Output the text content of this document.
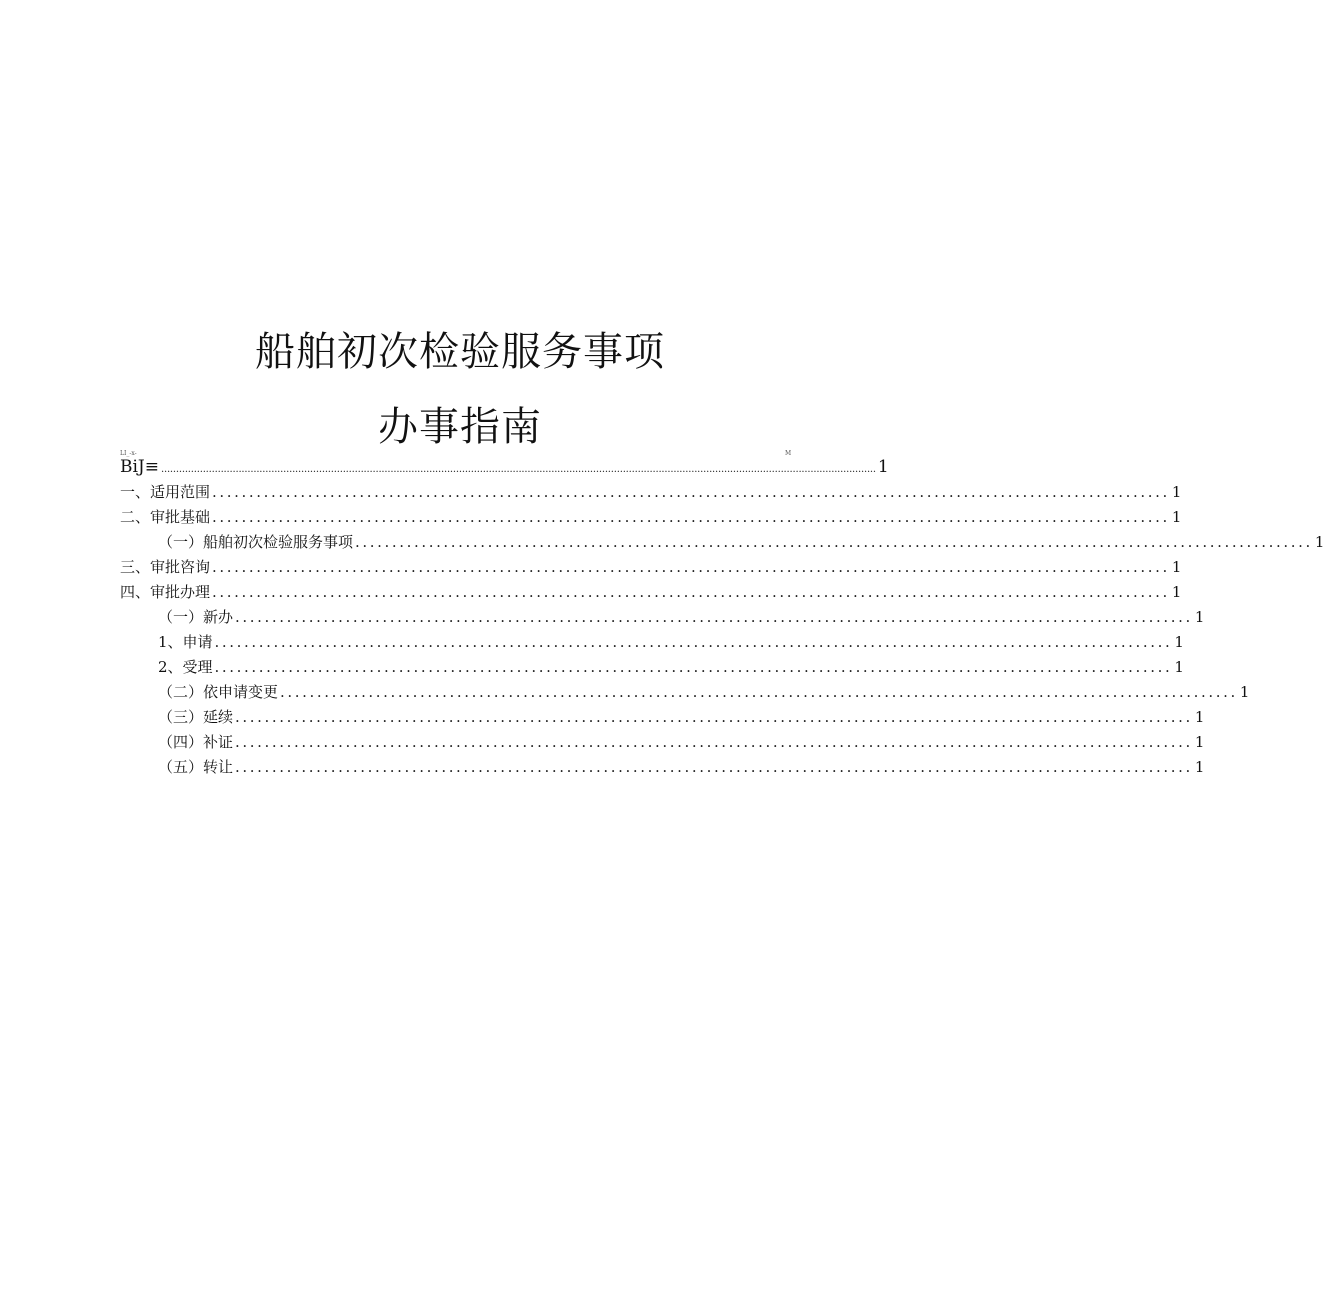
船舶初次检验服务事项
办事指南
LI_-x-	M
BiJ≡ ................................................................................................................................................................................................................................................ 1
一、适用范围 .................................................................................................................................. 1
二、审批基础 .................................................................................................................................. 1
（一）船舶初次检验服务事项 .................................................................................................................................. 1
三、审批咨询 .................................................................................................................................. 1
四、审批办理 .................................................................................................................................. 1
（一）新办 .................................................................................................................................. 1
1、申请 .................................................................................................................................. 1
2、受理 .................................................................................................................................. 1
（二）依申请变更 .................................................................................................................................. 1
（三）延续 .................................................................................................................................. 1
（四）补证 .................................................................................................................................. 1
（五）转让 .................................................................................................................................. 1
